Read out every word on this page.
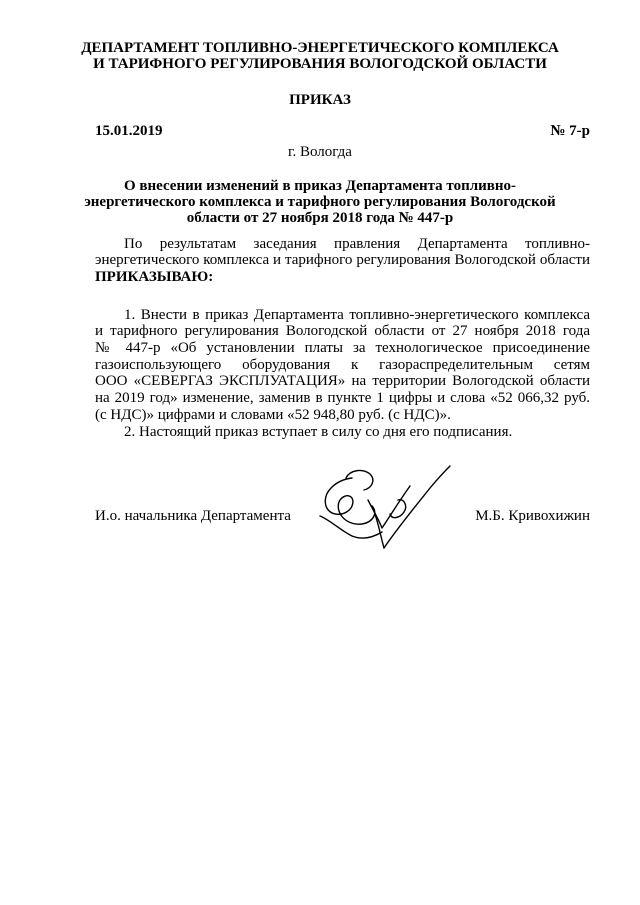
ДЕПАРТАМЕНТ ТОПЛИВНО-ЭНЕРГЕТИЧЕСКОГО КОМПЛЕКСА
И ТАРИФНОГО РЕГУЛИРОВАНИЯ ВОЛОГОДСКОЙ ОБЛАСТИ
ПРИКАЗ
15.01.2019	№ 7-р
г. Вологда
О внесении изменений в приказ Департамента топливно-
энергетического комплекса и тарифного регулирования Вологодской
области от 27 ноября 2018 года № 447-р
По результатам заседания правления Департамента топливно-
энергетического комплекса и тарифного регулирования Вологодской области
ПРИКАЗЫВАЮ:
1. Внести в приказ Департамента топливно-энергетического комплекса
и тарифного регулирования Вологодской области от 27 ноября 2018 года
№ 447-р «Об установлении платы за технологическое присоединение
газоиспользующего оборудования к газораспределительным сетям
ООО «СЕВЕРГАЗ ЭКСПЛУАТАЦИЯ» на территории Вологодской области
на 2019 год» изменение, заменив в пункте 1 цифры и слова «52 066,32 руб.
(с НДС)» цифрами и словами «52 948,80 руб. (с НДС)».
2. Настоящий приказ вступает в силу со дня его подписания.
И.о. начальника Департамента	М.Б. Кривохижин
